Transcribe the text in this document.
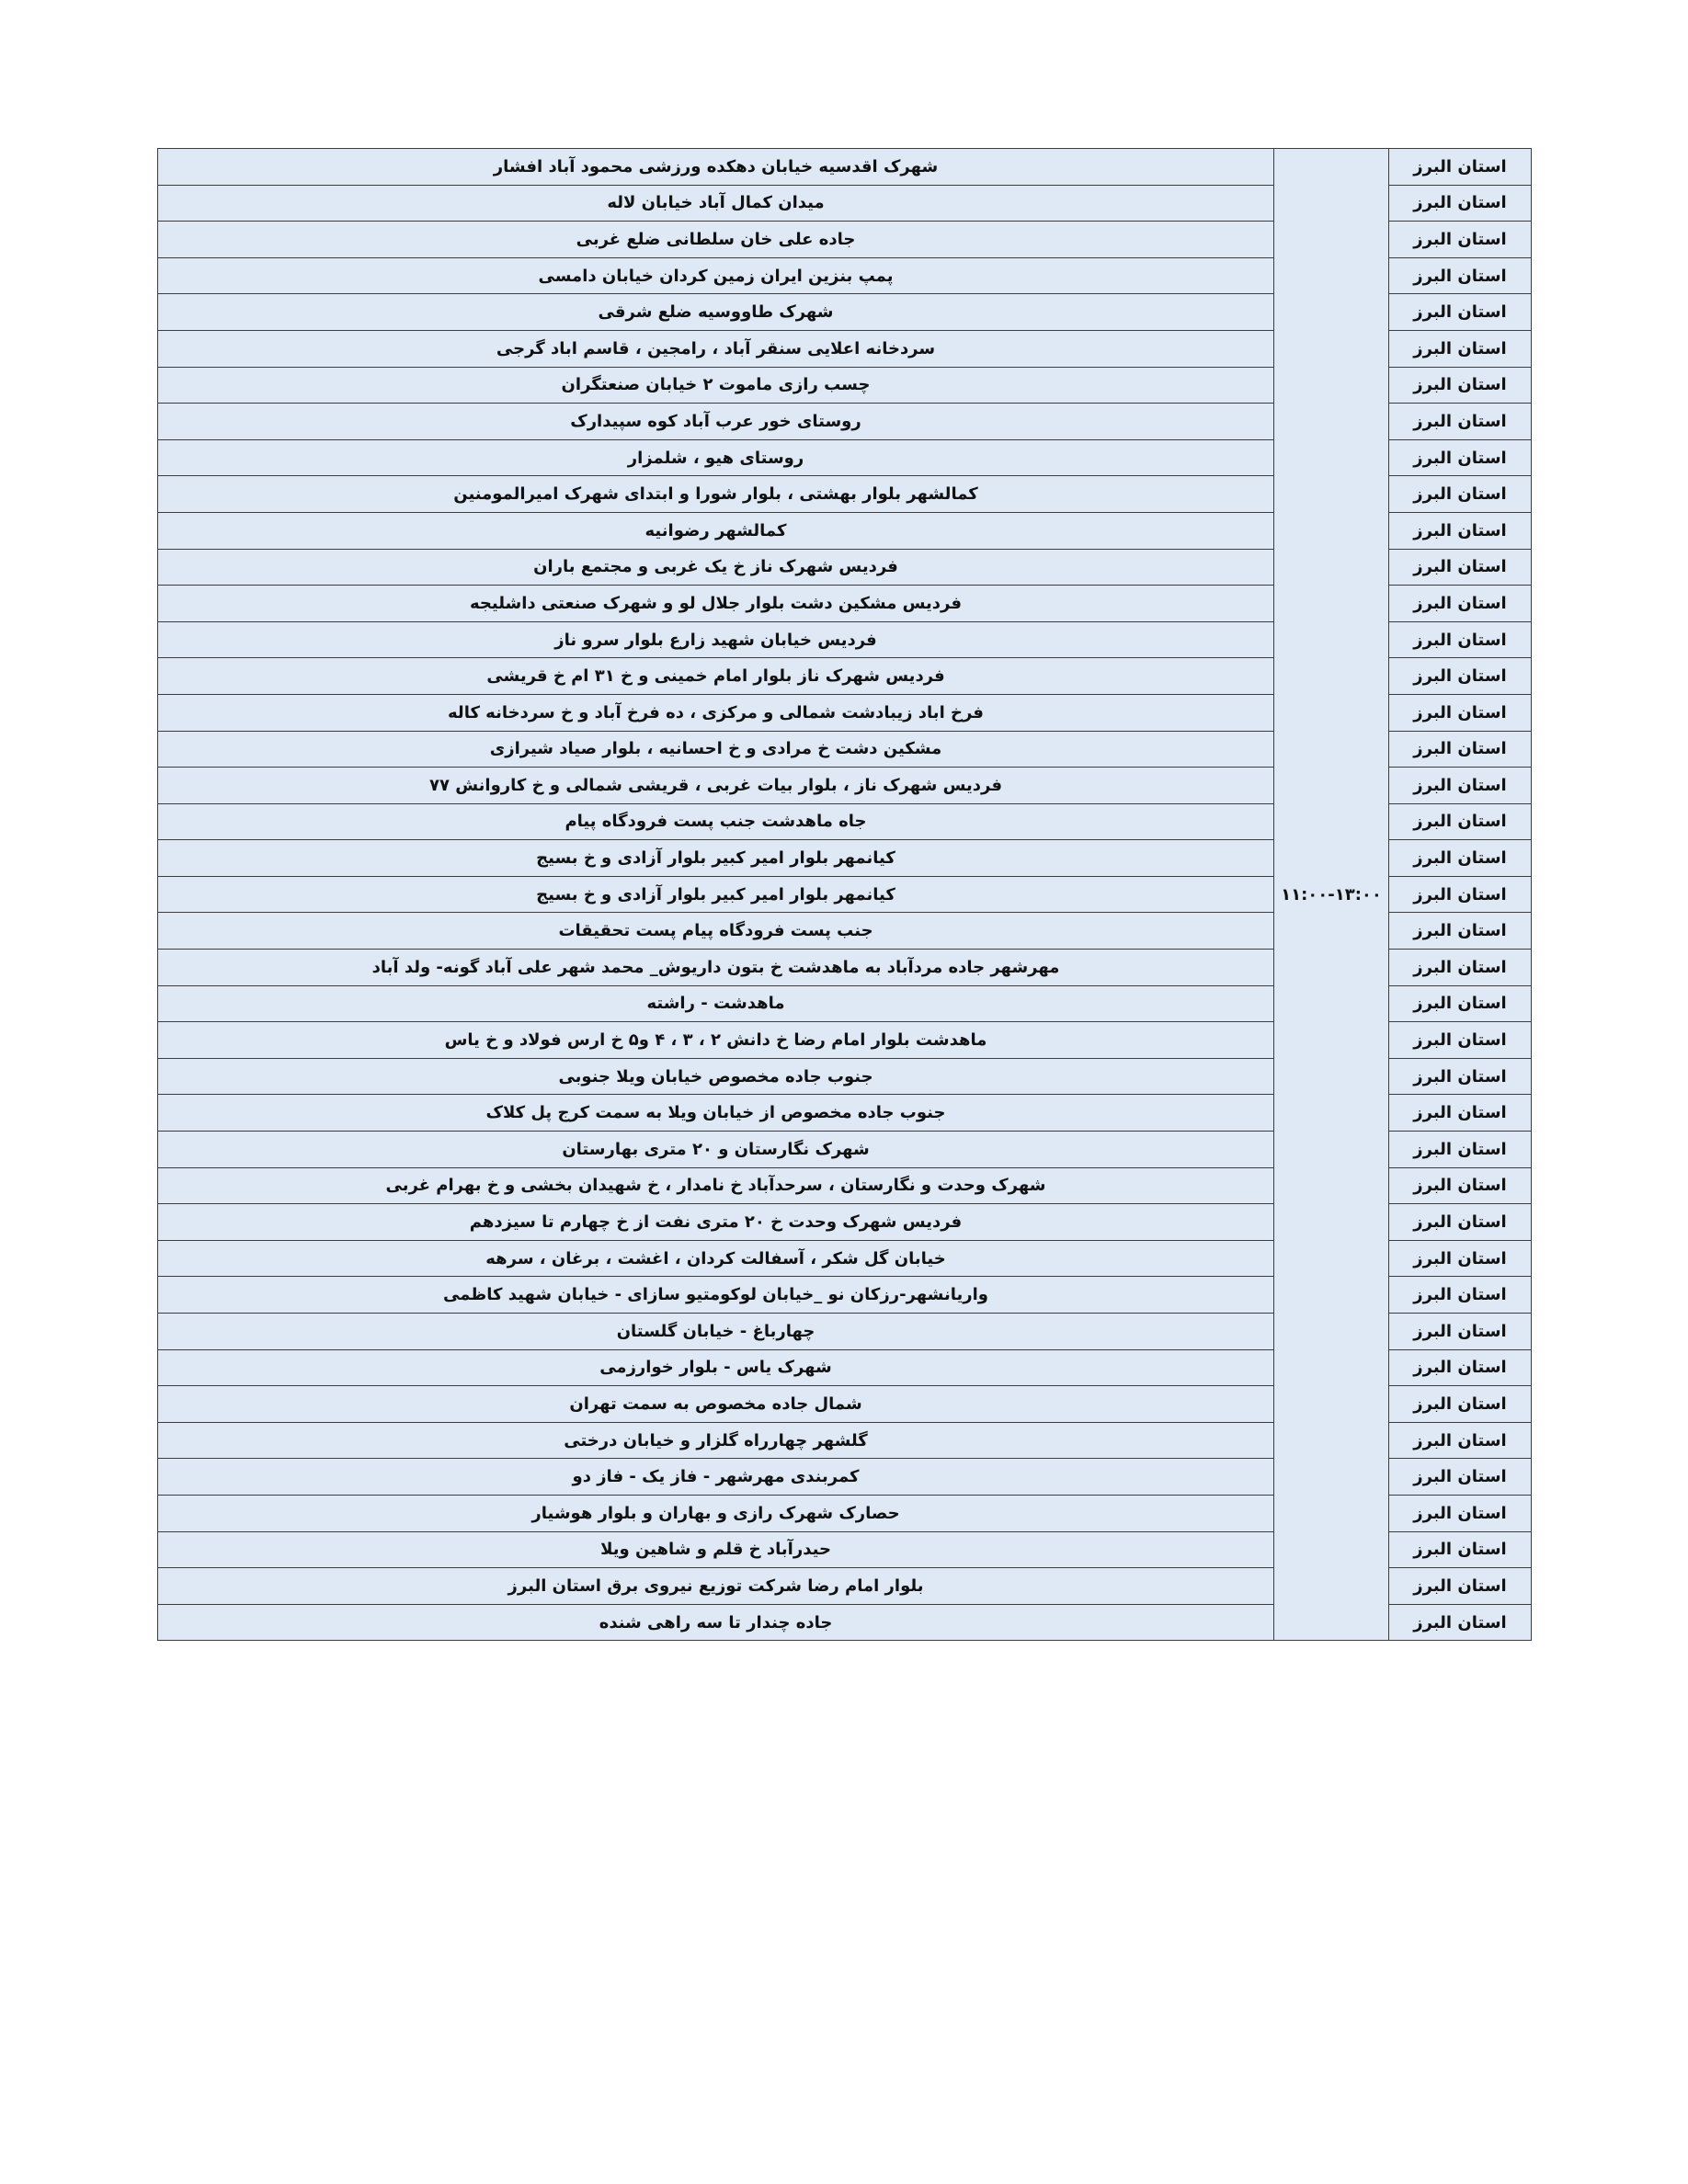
استان البرز	۱۱:۰۰-۱۳:۰۰	شهرک اقدسیه خیابان دهکده ورزشی محمود آباد افشار
استان البرز		میدان کمال آباد خیابان لاله
استان البرز		جاده علی خان سلطانی ضلع غربی
استان البرز		پمپ بنزین ایران زمین کردان خیابان دامسی
استان البرز		شهرک طاووسیه ضلع شرقی
استان البرز		سردخانه اعلایی سنقر آباد ، رامجین ، قاسم اباد گرجی
استان البرز		چسب رازی ماموت ۲ خیابان صنعتگران
استان البرز		روستای خور عرب آباد کوه سپیدارک
استان البرز		روستای هیو ، شلمزار
استان البرز		کمالشهر بلوار بهشتی ، بلوار شورا و ابتدای شهرک امیرالمومنین
استان البرز		کمالشهر رضوانیه
استان البرز		فردیس شهرک ناز خ یک غربی و مجتمع باران
استان البرز		فردیس مشکین دشت بلوار جلال لو و شهرک صنعتی داشلیجه
استان البرز		فردیس خیابان شهید زارع بلوار سرو ناز
استان البرز		فردیس شهرک ناز بلوار امام خمینی و خ ۳۱ ام خ قریشی
استان البرز		فرخ اباد زیبادشت شمالی و مرکزی ، ده فرخ آباد و خ سردخانه کاله
استان البرز		مشکین دشت خ مرادی و خ احسانیه ، بلوار صیاد شیرازی
استان البرز		فردیس شهرک ناز ، بلوار بیات غربی ، قریشی شمالی و خ کاروانش ۷۷
استان البرز		جاه ماهدشت جنب پست فرودگاه پیام
استان البرز		کیانمهر بلوار امیر کبیر بلوار آزادی و خ بسیج
استان البرز		کیانمهر بلوار امیر کبیر بلوار آزادی و خ بسیج
استان البرز		جنب پست فرودگاه پیام پست تحقیقات
استان البرز		مهرشهر جاده مردآباد به ماهدشت خ بتون داریوش_ محمد شهر علی آباد گونه- ولد آباد
استان البرز		ماهدشت - راشته
استان البرز		ماهدشت بلوار امام رضا خ دانش ۲ ، ۳ ، ۴ و۵ خ ارس فولاد و خ یاس
استان البرز		جنوب جاده مخصوص خیابان ویلا جنوبی
استان البرز		جنوب جاده مخصوص از خیابان ویلا به سمت کرج پل کلاک
استان البرز		شهرک نگارستان و ۲۰ متری بهارستان
استان البرز		شهرک وحدت و نگارستان ، سرحدآباد خ نامدار ، خ شهیدان بخشی و خ بهرام غربی
استان البرز		فردیس شهرک وحدت خ ۲۰ متری نفت از خ چهارم تا سیزدهم
استان البرز		خیابان گل شکر ، آسفالت کردان ، اغشت ، برغان ، سرهه
استان البرز		واریانشهر-رزکان نو _خیابان لوکومتیو سازای - خیابان شهید کاظمی
استان البرز		چهارباغ - خیابان گلستان
استان البرز		شهرک یاس - بلوار خوارزمی
استان البرز		شمال جاده مخصوص به سمت تهران
استان البرز		گلشهر چهارراه گلزار و خیابان درختی
استان البرز		کمربندی مهرشهر - فاز یک - فاز دو
استان البرز		حصارک شهرک رازی و بهاران و بلوار هوشیار
استان البرز		حیدرآباد خ قلم و شاهین ویلا
استان البرز		بلوار امام رضا شرکت توزیع نیروی برق استان البرز
استان البرز		جاده چندار تا سه راهی شنده
